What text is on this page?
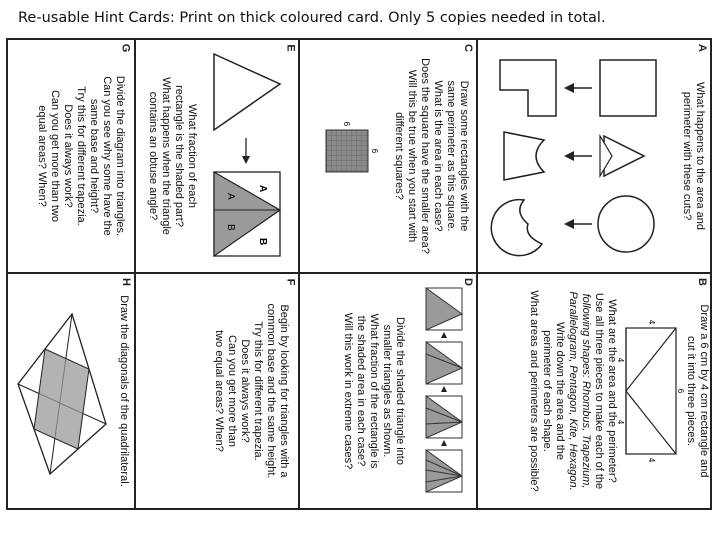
Re-usable Hint Cards: Print on thick coloured card. Only 5 copies needed in total.
A

What happens to the area and

perimeter with these cuts?

B
6
4
4
4
4	Draw a 6 cm by 4 cm rectangle and

cut it into three pieces.

What are the area and the perimeter?

Use all three pieces to make each of the

following shapes: Rhombus, Trapezium,

Parallelogram, Pentagon, Kite, Hexagon.

Write down the area and the

perimeter of each shape.

What areas and perimeters are possible?

C

Draw some rectangles with the

same perimeter as this square.

What is the area in each case?

Does the square have the smaller area?

Will this be true when you start with

different squares?

6
6
D

Divide the shaded triangle into

smaller triangles as shown.

What fraction of the rectangle is

the shaded area in each case?

Will this work in extreme cases?

E
A
A
B
B

What fraction of each

rectangle is the shaded part?

What happens when the triangle

contains an obtuse angle?

F

Begin by looking for triangles with a

common base and the same height.

Try this for different trapezia.

Does it always work?

Can you get more than

two equal areas? When?

G

Divide the diagram into triangles.

Can you see why some have the

same base and height?

Try this for different trapezia.

Does it always work?

Can you get more than two

equal areas? When?

H

Draw the diagonals of the quadrilateral.
